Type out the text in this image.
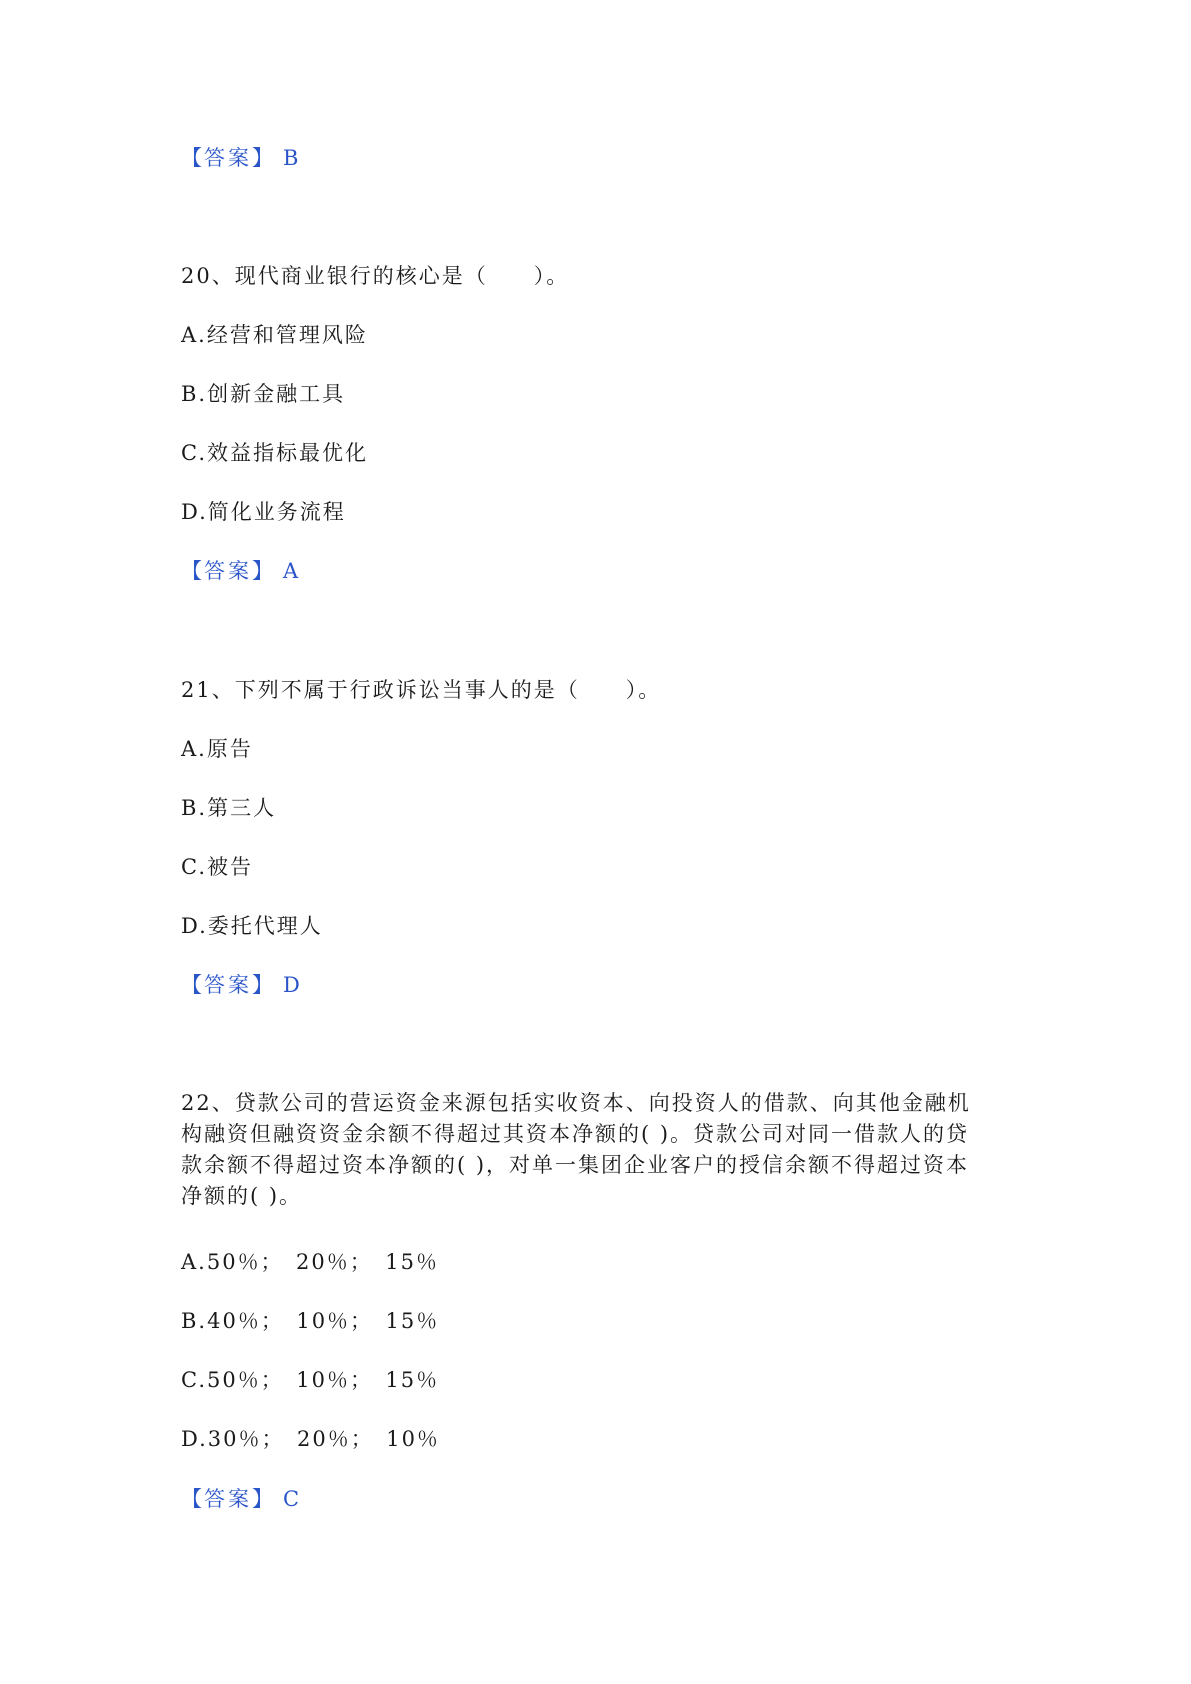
【答案】 B
20、现代商业银行的核心是（　　）。
A.经营和管理风险
B.创新金融工具
C.效益指标最优化
D.简化业务流程
【答案】 A
21、下列不属于行政诉讼当事人的是（　　）。
A.原告
B.第三人
C.被告
D.委托代理人
【答案】 D
22、贷款公司的营运资金来源包括实收资本、向投资人的借款、向其他金融机
构融资但融资资金余额不得超过其资本净额的( )。贷款公司对同一借款人的贷
款余额不得超过资本净额的( )，对单一集团企业客户的授信余额不得超过资本
净额的( )。
A.50％；　20％；　15％
B.40％；　10％；　15％
C.50％；　10％；　15％
D.30％；　20％；　10％
【答案】 C
